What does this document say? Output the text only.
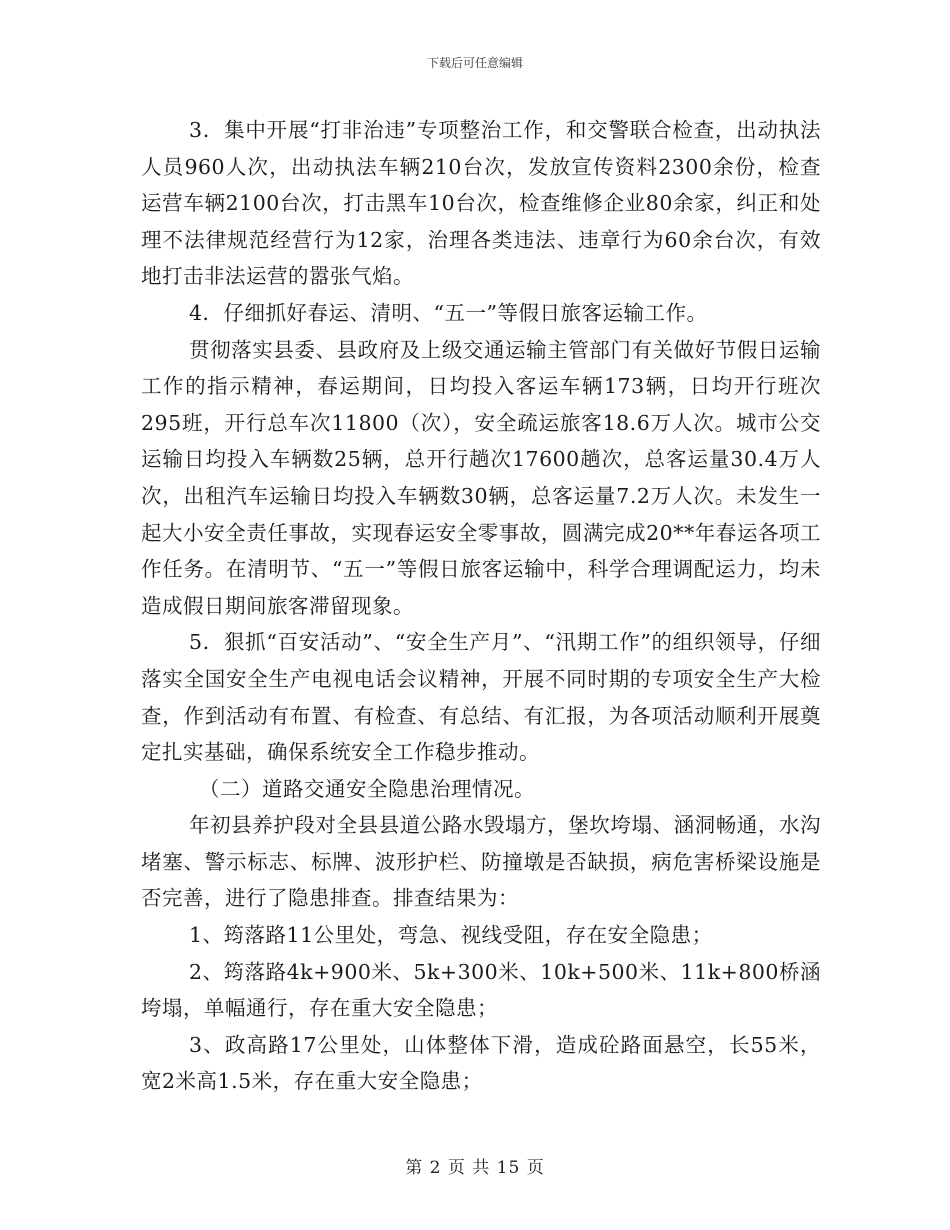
下载后可任意编辑

3．集中开展“打非治违”专项整治工作，和交警联合检查，出动执法人员960人次，出动执法车辆210台次，发放宣传资料2300余份，检查运营车辆2100台次，打击黑车10台次，检查维修企业80余家，纠正和处理不法律规范经营行为12家，治理各类违法、违章行为60余台次，有效地打击非法运营的嚣张气焰。

4．仔细抓好春运、清明、“五一”等假日旅客运输工作。

贯彻落实县委、县政府及上级交通运输主管部门有关做好节假日运输工作的指示精神，春运期间，日均投入客运车辆173辆，日均开行班次295班，开行总车次11800（次），安全疏运旅客18.6万人次。城市公交运输日均投入车辆数25辆，总开行趟次17600趟次，总客运量30.4万人次，出租汽车运输日均投入车辆数30辆，总客运量7.2万人次。未发生一起大小安全责任事故，实现春运安全零事故，圆满完成20**年春运各项工作任务。在清明节、“五一”等假日旅客运输中，科学合理调配运力，均未造成假日期间旅客滞留现象。

5．狠抓“百安活动”、“安全生产月”、“汛期工作”的组织领导，仔细落实全国安全生产电视电话会议精神，开展不同时期的专项安全生产大检查，作到活动有布置、有检查、有总结、有汇报，为各项活动顺利开展奠定扎实基础，确保系统安全工作稳步推动。

（二）道路交通安全隐患治理情况。

年初县养护段对全县县道公路水毁塌方，堡坎垮塌、涵洞畅通，水沟堵塞、警示标志、标牌、波形护栏、防撞墩是否缺损，病危害桥梁设施是否完善，进行了隐患排查。排查结果为：

1、筠落路11公里处，弯急、视线受阻，存在安全隐患；

2、筠落路4k+900米、5k+300米、10k+500米、11k+800桥涵垮塌，单幅通行，存在重大安全隐患；

3、政高路17公里处，山体整体下滑，造成砼路面悬空，长55米，宽2米高1.5米，存在重大安全隐患；

第 2 页 共 15 页
